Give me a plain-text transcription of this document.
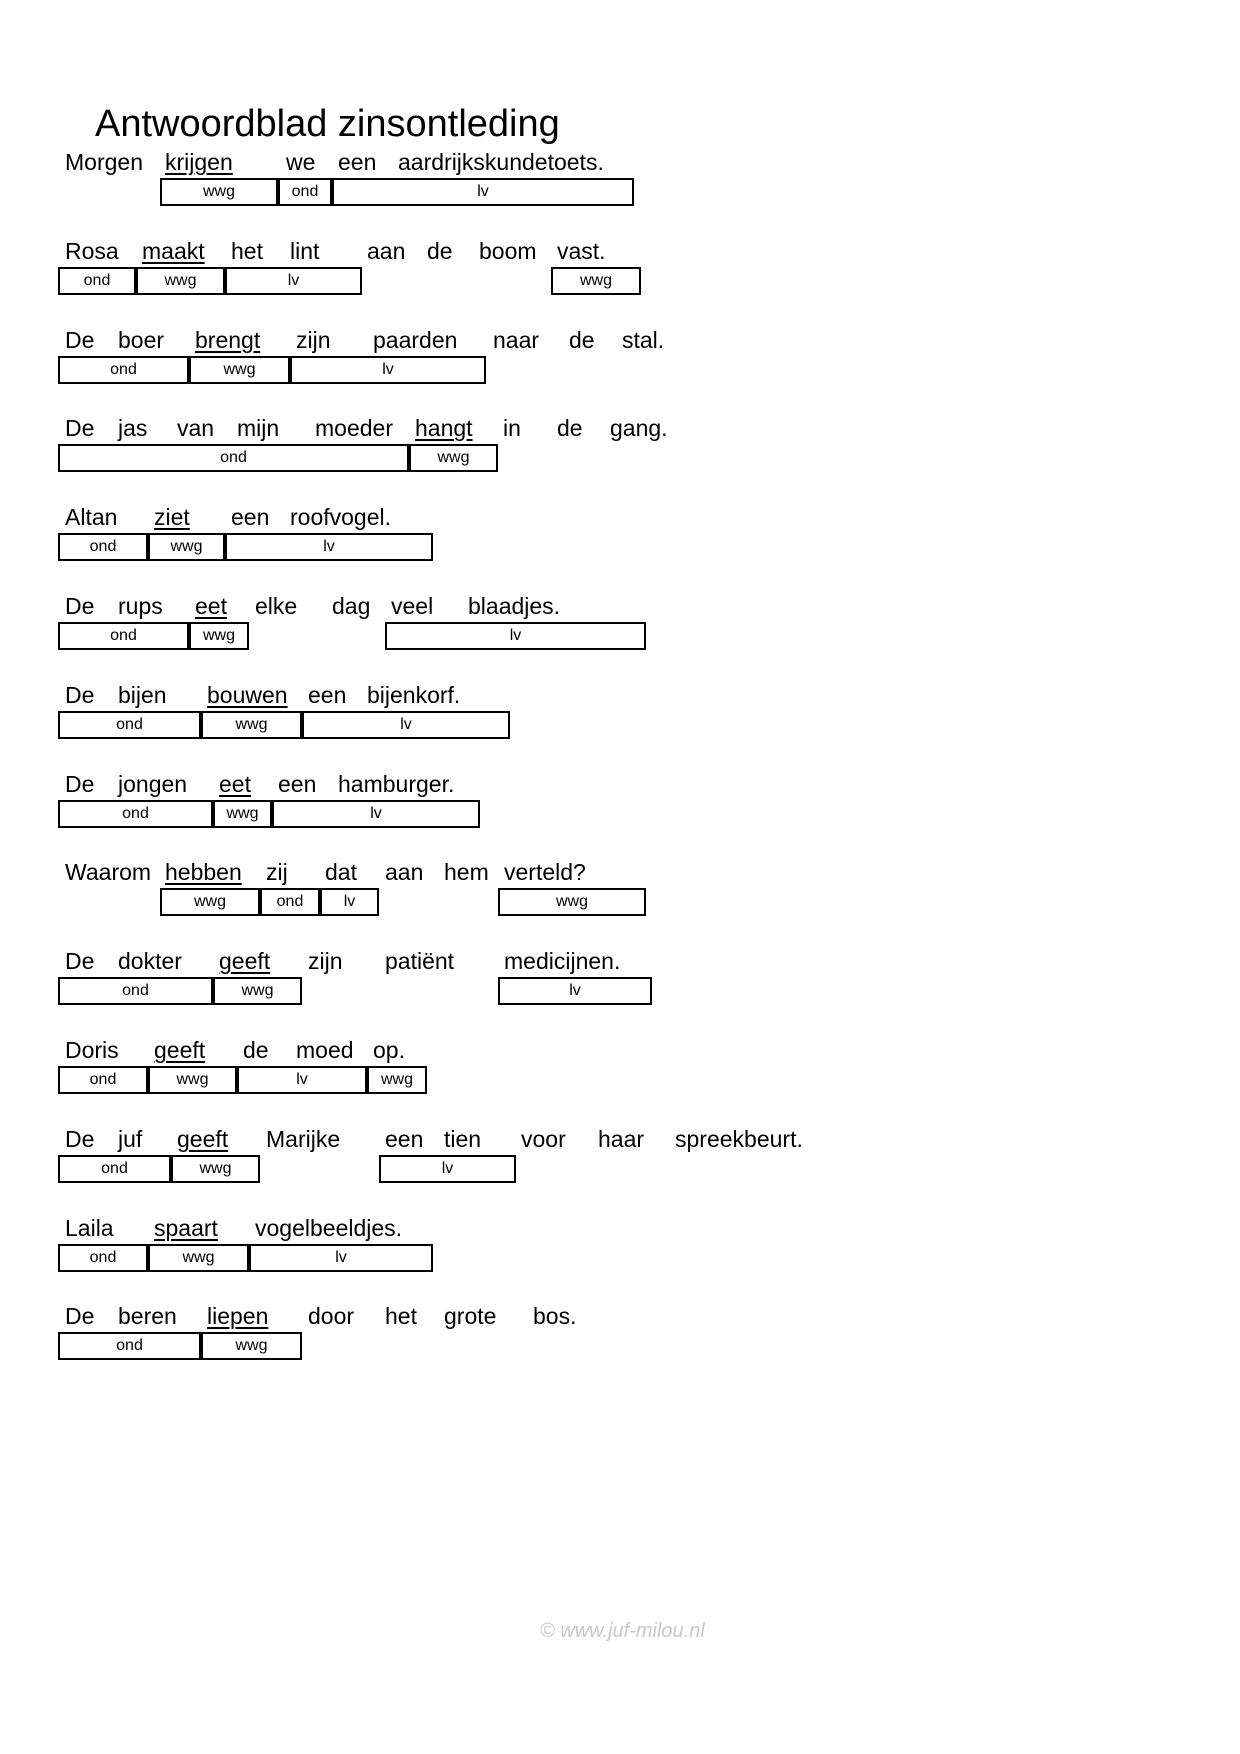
Antwoordblad zinsontleding
Morgen krijgen we een aardrijkskundetoets.
wwg	ond	lv
Rosa maakt het lint aan de boom vast.
ond	wwg	lv	wwg
De boer brengt zijn paarden naar de stal.
ond	wwg	lv
De jas van mijn moeder hangt in de gang.
ond	wwg
Altan ziet een roofvogel.
ond	wwg	lv
De rups eet elke dag veel blaadjes.
ond	wwg	lv
De bijen bouwen een bijenkorf.
ond	wwg	lv
De jongen eet een hamburger.
ond	wwg	lv
Waarom hebben zij dat aan hem verteld?
wwg	ond	lv	wwg
De dokter geeft zijn patiënt medicijnen.
ond	wwg	lv
Doris geeft de moed op.
ond	wwg	lv	wwg
De juf geeft Marijke een tien voor haar spreekbeurt.
ond	wwg	lv
Laila spaart vogelbeeldjes.
ond	wwg	lv
De beren liepen door het grote bos.
ond	wwg
© www.juf-milou.nl
